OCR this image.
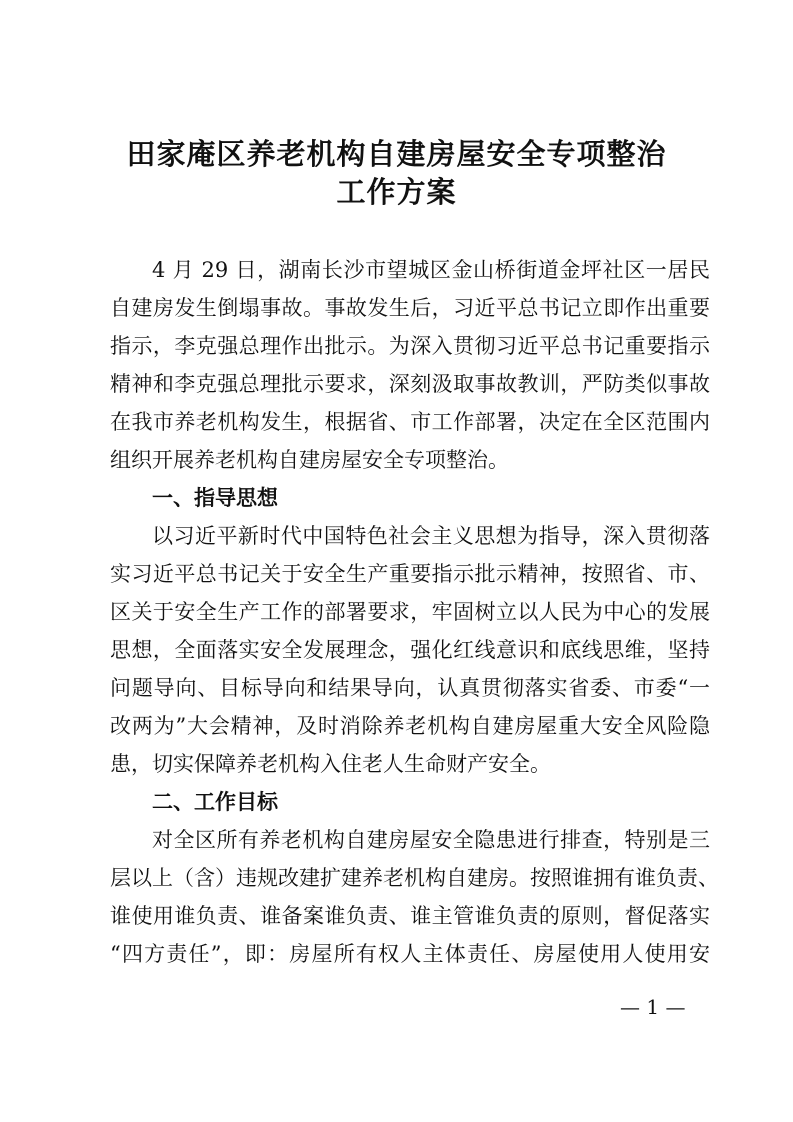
田家庵区养老机构自建房屋安全专项整治
工作方案
4 月 29 日，湖南长沙市望城区金山桥街道金坪社区一居民
自建房发生倒塌事故。事故发生后，习近平总书记立即作出重要
指示，李克强总理作出批示。为深入贯彻习近平总书记重要指示
精神和李克强总理批示要求，深刻汲取事故教训，严防类似事故
在我市养老机构发生，根据省、市工作部署，决定在全区范围内
组织开展养老机构自建房屋安全专项整治。
一、指导思想
以习近平新时代中国特色社会主义思想为指导，深入贯彻落
实习近平总书记关于安全生产重要指示批示精神，按照省、市、
区关于安全生产工作的部署要求，牢固树立以人民为中心的发展
思想，全面落实安全发展理念，强化红线意识和底线思维，坚持
问题导向、目标导向和结果导向，认真贯彻落实省委、市委“一
改两为”大会精神，及时消除养老机构自建房屋重大安全风险隐
患，切实保障养老机构入住老人生命财产安全。
二、工作目标
对全区所有养老机构自建房屋安全隐患进行排查，特别是三
层以上（含）违规改建扩建养老机构自建房。按照谁拥有谁负责、
谁使用谁负责、谁备案谁负责、谁主管谁负责的原则，督促落实
“四方责任”，即：房屋所有权人主体责任、房屋使用人使用安
— 1 —
